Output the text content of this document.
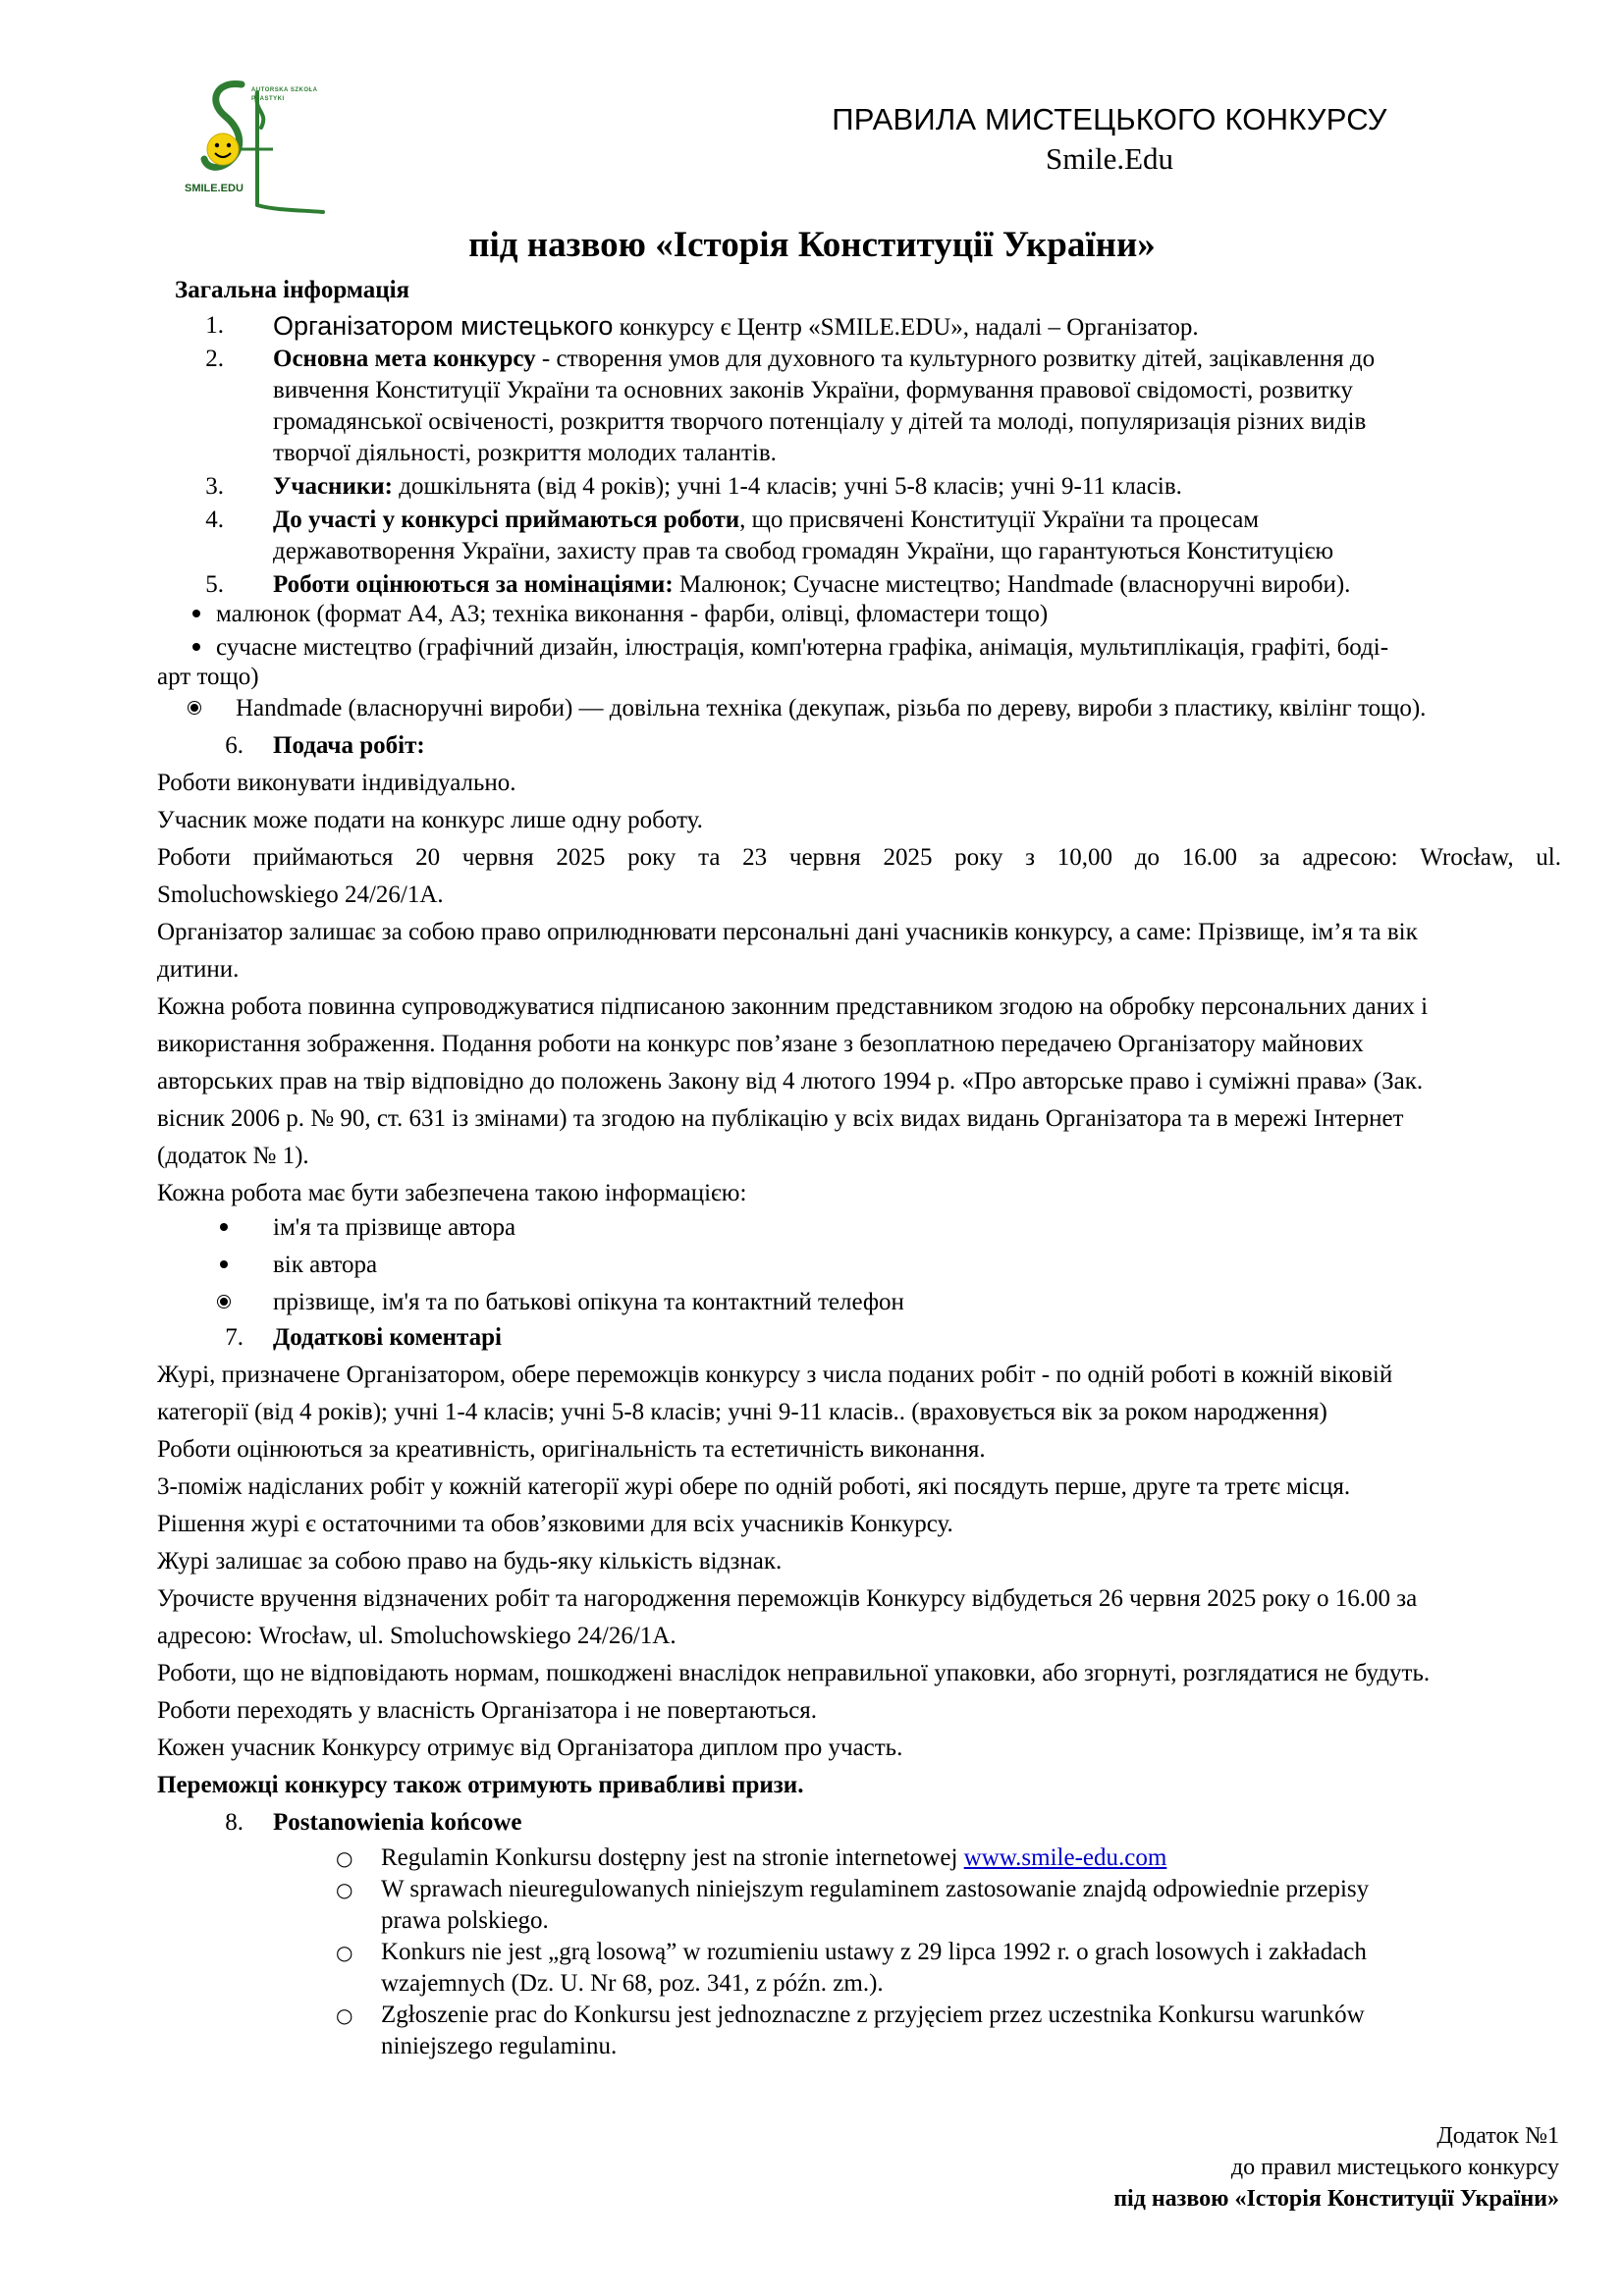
AUTORSKA SZKOŁA PLASTYKI
SMILE.EDU
ПРАВИЛА МИСТЕЦЬКОГО КОНКУРСУ
Smile.Edu
під назвою «Історія Конституції України»
Загальна інформація
1. Організатором мистецького конкурсу є Центр «SMILE.EDU», надалі – Організатор.
2. Основна мета конкурсу - створення умов для духовного та культурного розвитку дітей, зацікавлення до
вивчення Конституції України та основних законів України, формування правової свідомості, розвитку
громадянської освіченості, розкриття творчого потенціалу у дітей та молоді, популяризація різних видів
творчої діяльності, розкриття молодих талантів.
3. Учасники: дошкільнята (від 4 років); учні 1-4 класів; учні 5-8 класів; учні 9-11 класів.
4. До участі у конкурсі приймаються роботи, що присвячені Конституції України та процесам
державотворення України, захисту прав та свобод громадян України, що гарантуються Конституцією
5. Роботи оцінюються за номінаціями: Малюнок; Сучасне мистецтво; Handmade (власноручні вироби).
малюнок (формат А4, А3; техніка виконання - фарби, олівці, фломастери тощо)
сучасне мистецтво (графічний дизайн, ілюстрація, комп'ютерна графіка, анімація, мультиплікація, графіті, боді-
арт тощо)
Handmade (власноручні вироби) — довільна техніка (декупаж, різьба по дереву, вироби з пластику, квілінг тощо).
6. Подача робіт:
Роботи виконувати індивідуально.
Учасник може подати на конкурс лише одну роботу.
Роботи приймаються 20 червня 2025 року та 23 червня 2025 року з 10,00 до 16.00 за адресою: Wrocław, ul.
Smoluchowskiego 24/26/1A.
Організатор залишає за собою право оприлюднювати персональні дані учасників конкурсу, а саме: Прізвище, ім’я та вік
дитини.
Кожна робота повинна супроводжуватися підписаною законним представником згодою на обробку персональних даних і
використання зображення. Подання роботи на конкурс пов’язане з безоплатною передачею Організатору майнових
авторських прав на твір відповідно до положень Закону від 4 лютого 1994 р. «Про авторське право і суміжні права» (Зак.
вісник 2006 р. № 90, ст. 631 із змінами) та згодою на публікацію у всіх видах видань Організатора та в мережі Інтернет
(додаток № 1).
Кожна робота має бути забезпечена такою інформацією:
ім'я та прізвище автора
вік автора
прізвище, ім'я та по батькові опікуна та контактний телефон
7. Додаткові коментарі
Журі, призначене Організатором, обере переможців конкурсу з числа поданих робіт - по одній роботі в кожній віковій
категорії (від 4 років); учні 1-4 класів; учні 5-8 класів; учні 9-11 класів.. (враховується вік за роком народження)
Роботи оцінюються за креативність, оригінальність та естетичність виконання.
3-поміж надісланих робіт у кожній категорії журі обере по одній роботі, які посядуть перше, друге та третє місця.
Рішення журі є остаточними та обов’язковими для всіх учасників Конкурсу.
Журі залишає за собою право на будь-яку кількість відзнак.
Урочисте вручення відзначених робіт та нагородження переможців Конкурсу відбудеться 26 червня 2025 року о 16.00 за
адресою: Wrocław, ul. Smoluchowskiego 24/26/1A.
Роботи, що не відповідають нормам, пошкоджені внаслідок неправильної упаковки, або згорнуті, розглядатися не будуть.
Роботи переходять у власність Організатора і не повертаються.
Кожен учасник Конкурсу отримує від Організатора диплом про участь.
Переможці конкурсу також отримують привабливі призи.
8. Postanowienia końcowe
○ Regulamin Konkursu dostępny jest na stronie internetowej www.smile-edu.com
○ W sprawach nieuregulowanych niniejszym regulaminem zastosowanie znajdą odpowiednie przepisy
prawa polskiego.
○ Konkurs nie jest „grą losową” w rozumieniu ustawy z 29 lipca 1992 r. o grach losowych i zakładach
wzajemnych (Dz. U. Nr 68, poz. 341, z późn. zm.).
○ Zgłoszenie prac do Konkursu jest jednoznaczne z przyjęciem przez uczestnika Konkursu warunków
niniejszego regulaminu.
Додаток №1
до правил мистецького конкурсу
під назвою «Історія Конституції України»
